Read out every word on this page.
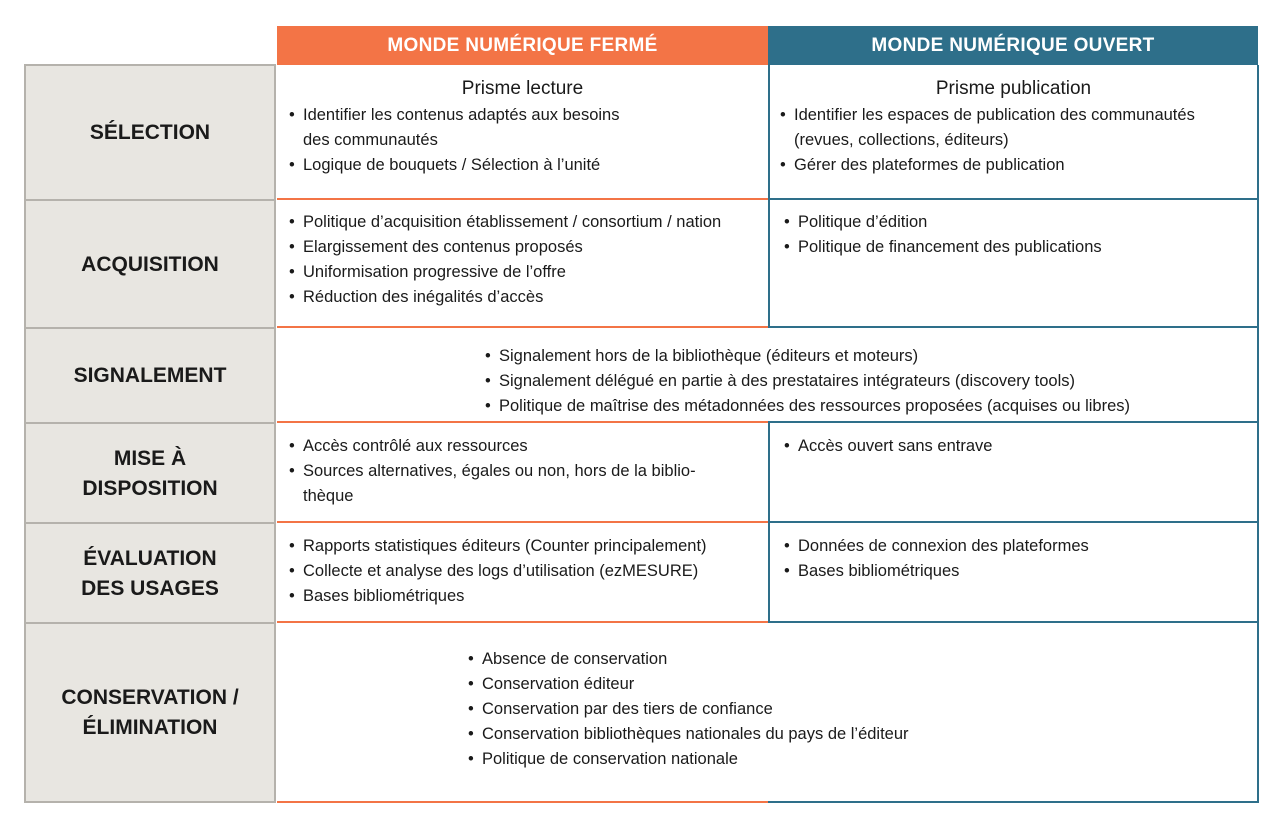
MONDE NUMÉRIQUE FERMÉ	MONDE NUMÉRIQUE OUVERT
SÉLECTION
ACQUISITION
SIGNALEMENT
MISE À
DISPOSITION
ÉVALUATION
DES USAGES
CONSERVATION /
ÉLIMINATION
Prisme lecture
• Identifier les contenus adaptés aux besoins
des communautés
• Logique de bouquets / Sélection à l’unité
Prisme publication
• Identifier les espaces de publication des communautés
(revues, collections, éditeurs)
• Gérer des plateformes de publication
• Politique d’acquisition établissement / consortium / nation
• Elargissement des contenus proposés
• Uniformisation progressive de l’offre
• Réduction des inégalités d’accès
• Politique d’édition
• Politique de financement des publications
• Signalement hors de la bibliothèque (éditeurs et moteurs)
• Signalement délégué en partie à des prestataires intégrateurs (discovery tools)
• Politique de maîtrise des métadonnées des ressources proposées (acquises ou libres)
• Accès contrôlé aux ressources
• Sources alternatives, égales ou non, hors de la biblio-
thèque
• Accès ouvert sans entrave
• Rapports statistiques éditeurs (Counter principalement)
• Collecte et analyse des logs d’utilisation (ezMESURE)
• Bases bibliométriques
• Données de connexion des plateformes
• Bases bibliométriques
• Absence de conservation
• Conservation éditeur
• Conservation par des tiers de confiance
• Conservation bibliothèques nationales du pays de l’éditeur
• Politique de conservation nationale
